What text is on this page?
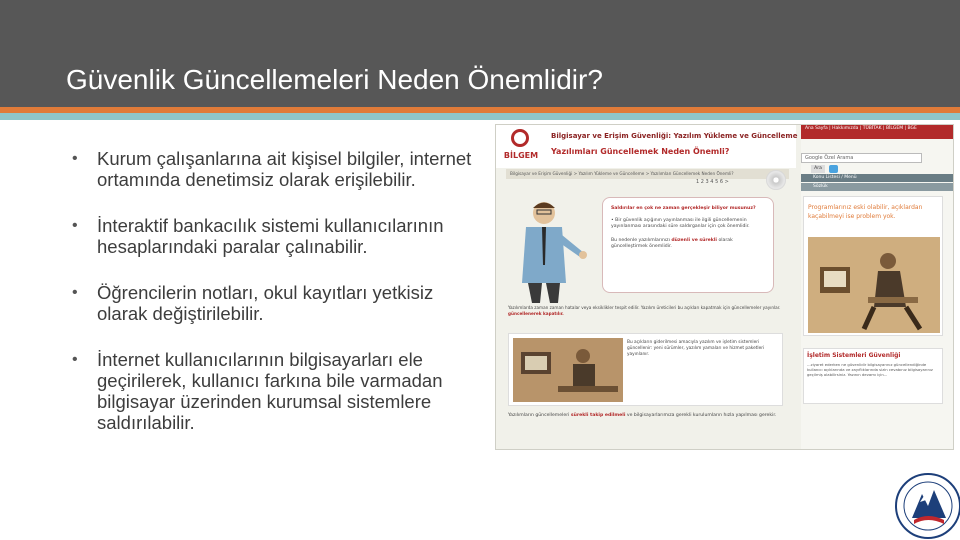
Güvenlik Güncellemeleri Neden Önemlidir?
• Kurum çalışanlarına ait kişisel bilgiler, internet ortamında denetimsiz olarak erişilebilir.
• İnteraktif bankacılık sistemi kullanıcılarının hesaplarındaki paralar çalınabilir.
• Öğrencilerin notları, okul kayıtları yetkisiz olarak değiştirilebilir.
• İnternet kullanıcılarının bilgisayarları ele geçirilerek, kullanıcı farkına bile varmadan bilgisayar üzerinden kurumsal sistemlere saldırılabilir.
BİLGEM
Bilgisayar ve Erişim Güvenliği: Yazılım Yükleme ve Güncelleme
Yazılımları Güncellemek Neden Önemli?
Bilgisayar ve Erişim Güvenliği > Yazılım Yükleme ve Güncelleme > Yazılımları Güncellemek Neden Önemli?
1 2 3 4 5 6 >
Ana Sayfa | Hakkımızda | TÜBİTAK | BİLGEM | BGE
Google Özel Arama
Ara
Konu Listesi / Menü
Sözlük
Programlarınız eski olabilir, açıklardan kaçabilmeyi ise problem yok.
İşletim Sistemleri Güvenliği
...ziyaret ederken ne güvenlidir bilgisayarınız güncellendiğinde kullanıcı açıklarında ve zayıflıklarında sizin cevabınız bilgisayarınız geçilmiş olabilirsiniz. Yazının devamı için...
Saldırılar en çok ne zaman gerçekleşir biliyor musunuz?
• Bir güvenlik açığının yayınlanması ile ilgili güncellemenin yayınlanması arasındaki süre saldırganlar için çok önemlidir.
Bu nedenle yazılımlarınızı düzenli ve sürekli olarak güncelleştirmek önemlidir.
Yazılımlarda zaman zaman hatalar veya eksiklikler tespit edilir. Yazılım üreticileri bu açıkları kapatmak için güncellemeler yayınlar. güncellenerek kapatılır.
Bu açıkların giderilmesi amacıyla yazılım ve işletim sistemleri güncellenir: yeni sürümler, yazılım yamaları ve hizmet paketleri yayınlanır.
Yazılımların güncellemeleri sürekli takip edilmeli ve bilgisayarlarımıza gerekli kurulumların hızla yapılması gerekir.
